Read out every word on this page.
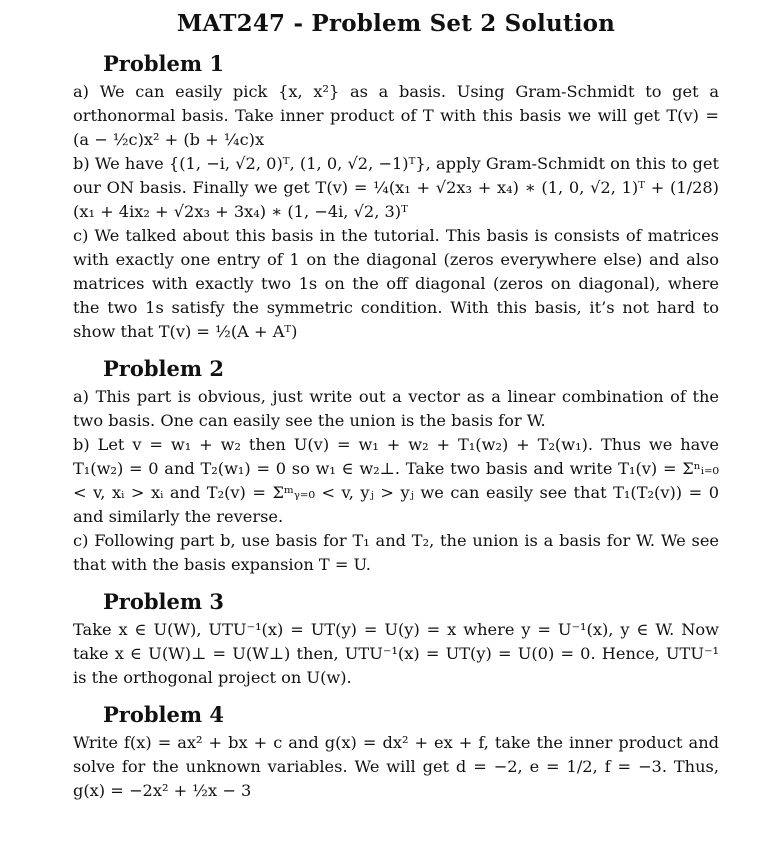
MAT247 - Problem Set 2 Solution
Problem 1

a) We can easily pick {x, x²} as a basis. Using Gram-Schmidt to get a orthonormal basis. Take inner product of T with this basis we will get T(v) = (a − ½c)x² + (b + ¼c)x

b) We have {(1, −i, √2, 0)ᵀ, (1, 0, √2, −1)ᵀ}, apply Gram-Schmidt on this to get our ON basis. Finally we get T(v) = ¼(x₁ + √2x₃ + x₄) ∗ (1, 0, √2, 1)ᵀ + (1/28)(x₁ + 4ix₂ + √2x₃ + 3x₄) ∗ (1, −4i, √2, 3)ᵀ

c) We talked about this basis in the tutorial. This basis is consists of matrices with exactly one entry of 1 on the diagonal (zeros everywhere else) and also matrices with exactly two 1s on the off diagonal (zeros on diagonal), where the two 1s satisfy the symmetric condition. With this basis, it’s not hard to show that T(v) = ½(A + Aᵀ)

Problem 2

a) This part is obvious, just write out a vector as a linear combination of the two basis. One can easily see the union is the basis for W.

b) Let v = w₁ + w₂ then U(v) = w₁ + w₂ + T₁(w₂) + T₂(w₁). Thus we have T₁(w₂) = 0 and T₂(w₁) = 0 so w₁ ∈ w₂⊥. Take two basis and write T₁(v) = Σⁿᵢ₌₀ < v, xᵢ > xᵢ and T₂(v) = Σᵐᵧ₌₀ < v, yⱼ > yⱼ we can easily see that T₁(T₂(v)) = 0 and similarly the reverse.

c) Following part b, use basis for T₁ and T₂, the union is a basis for W. We see that with the basis expansion T = U.

Problem 3

Take x ∈ U(W), UTU⁻¹(x) = UT(y) = U(y) = x where y = U⁻¹(x), y ∈ W. Now take x ∈ U(W)⊥ = U(W⊥) then, UTU⁻¹(x) = UT(y) = U(0) = 0. Hence, UTU⁻¹ is the orthogonal project on U(w).

Problem 4

Write f(x) = ax² + bx + c and g(x) = dx² + ex + f, take the inner product and solve for the unknown variables. We will get d = −2, e = 1/2, f = −3. Thus, g(x) = −2x² + ½x − 3
